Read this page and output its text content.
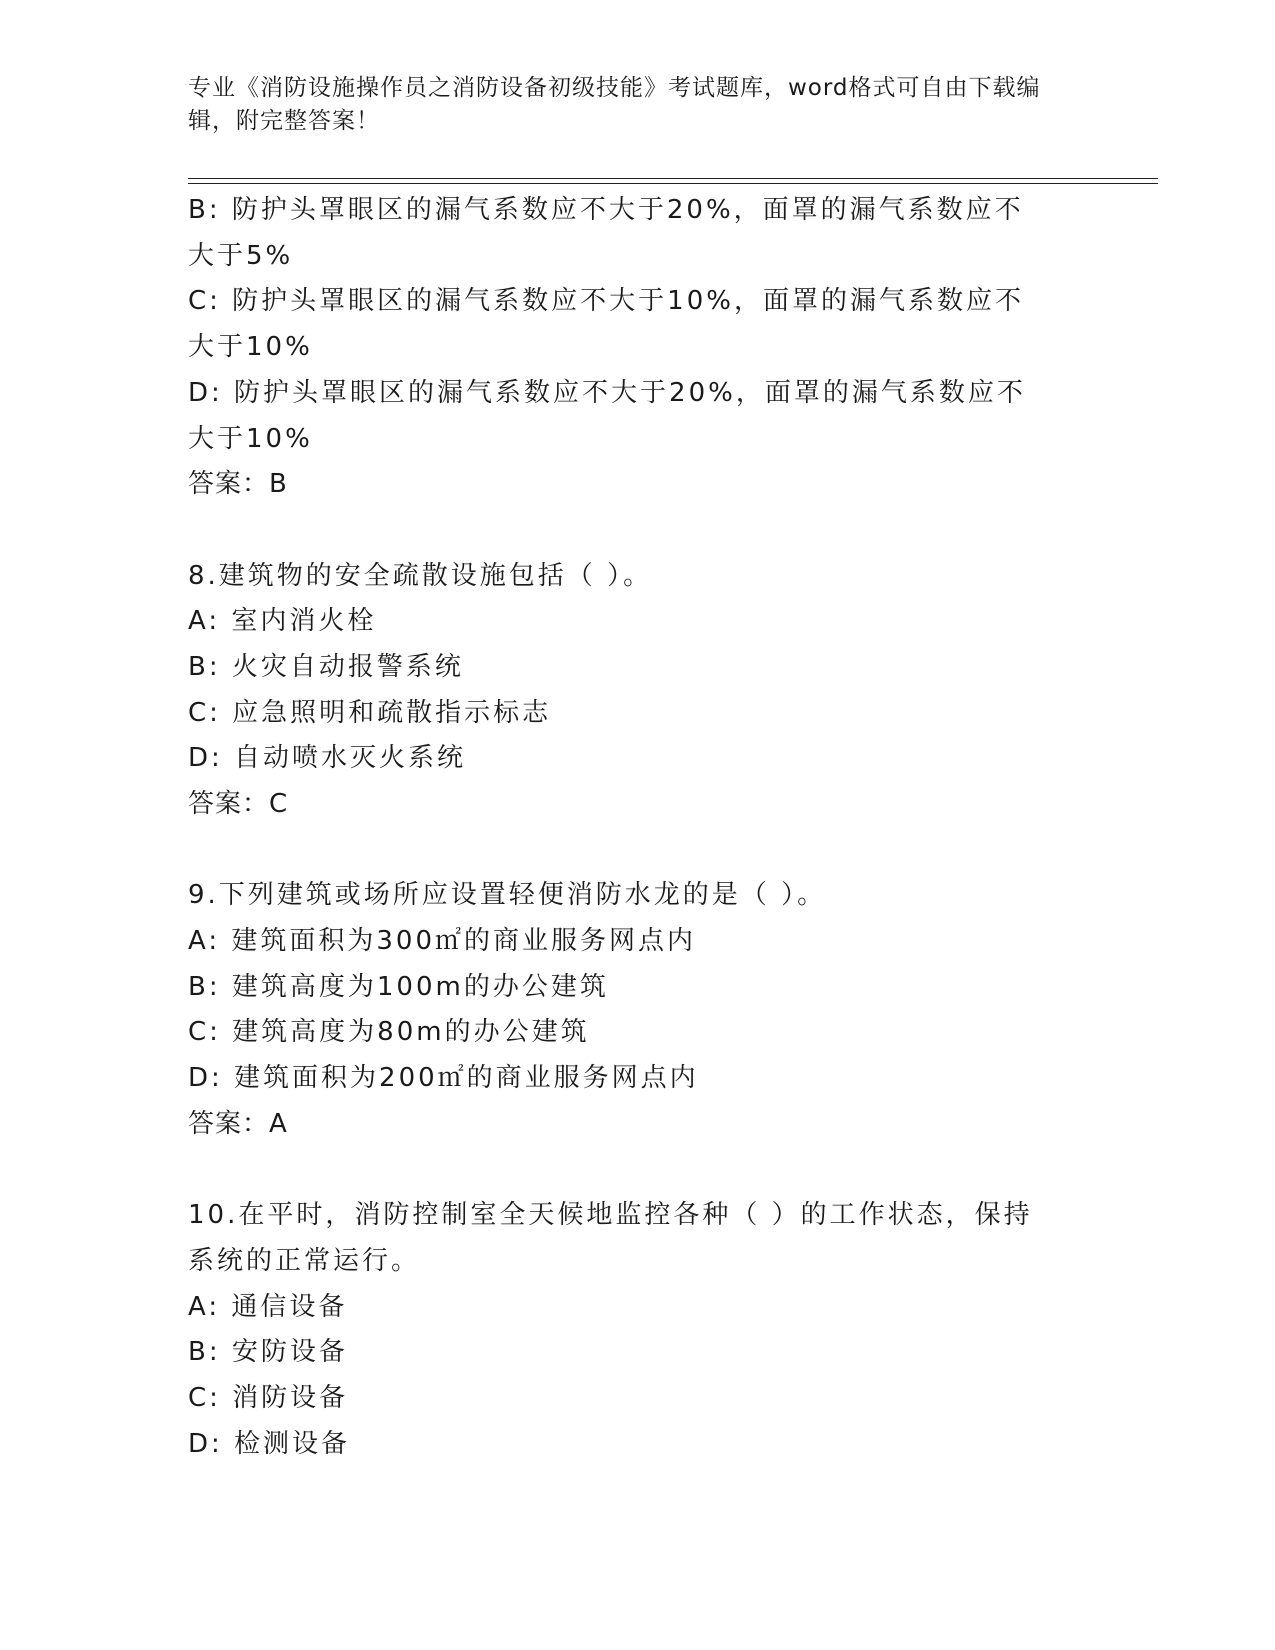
专业《消防设施操作员之消防设备初级技能》考试题库，word格式可自由下载编辑，附完整答案！
B: 防护头罩眼区的漏气系数应不大于20%，面罩的漏气系数应不大于5%
C: 防护头罩眼区的漏气系数应不大于10%，面罩的漏气系数应不大于10%
D: 防护头罩眼区的漏气系数应不大于20%，面罩的漏气系数应不大于10%
答案：B
8.建筑物的安全疏散设施包括（ ）。
A: 室内消火栓
B: 火灾自动报警系统
C: 应急照明和疏散指示标志
D: 自动喷水灭火系统
答案：C
9.下列建筑或场所应设置轻便消防水龙的是（ ）。
A: 建筑面积为300㎡的商业服务网点内
B: 建筑高度为100m的办公建筑
C: 建筑高度为80m的办公建筑
D: 建筑面积为200㎡的商业服务网点内
答案：A
10.在平时，消防控制室全天候地监控各种（ ）的工作状态，保持系统的正常运行。
A: 通信设备
B: 安防设备
C: 消防设备
D: 检测设备
